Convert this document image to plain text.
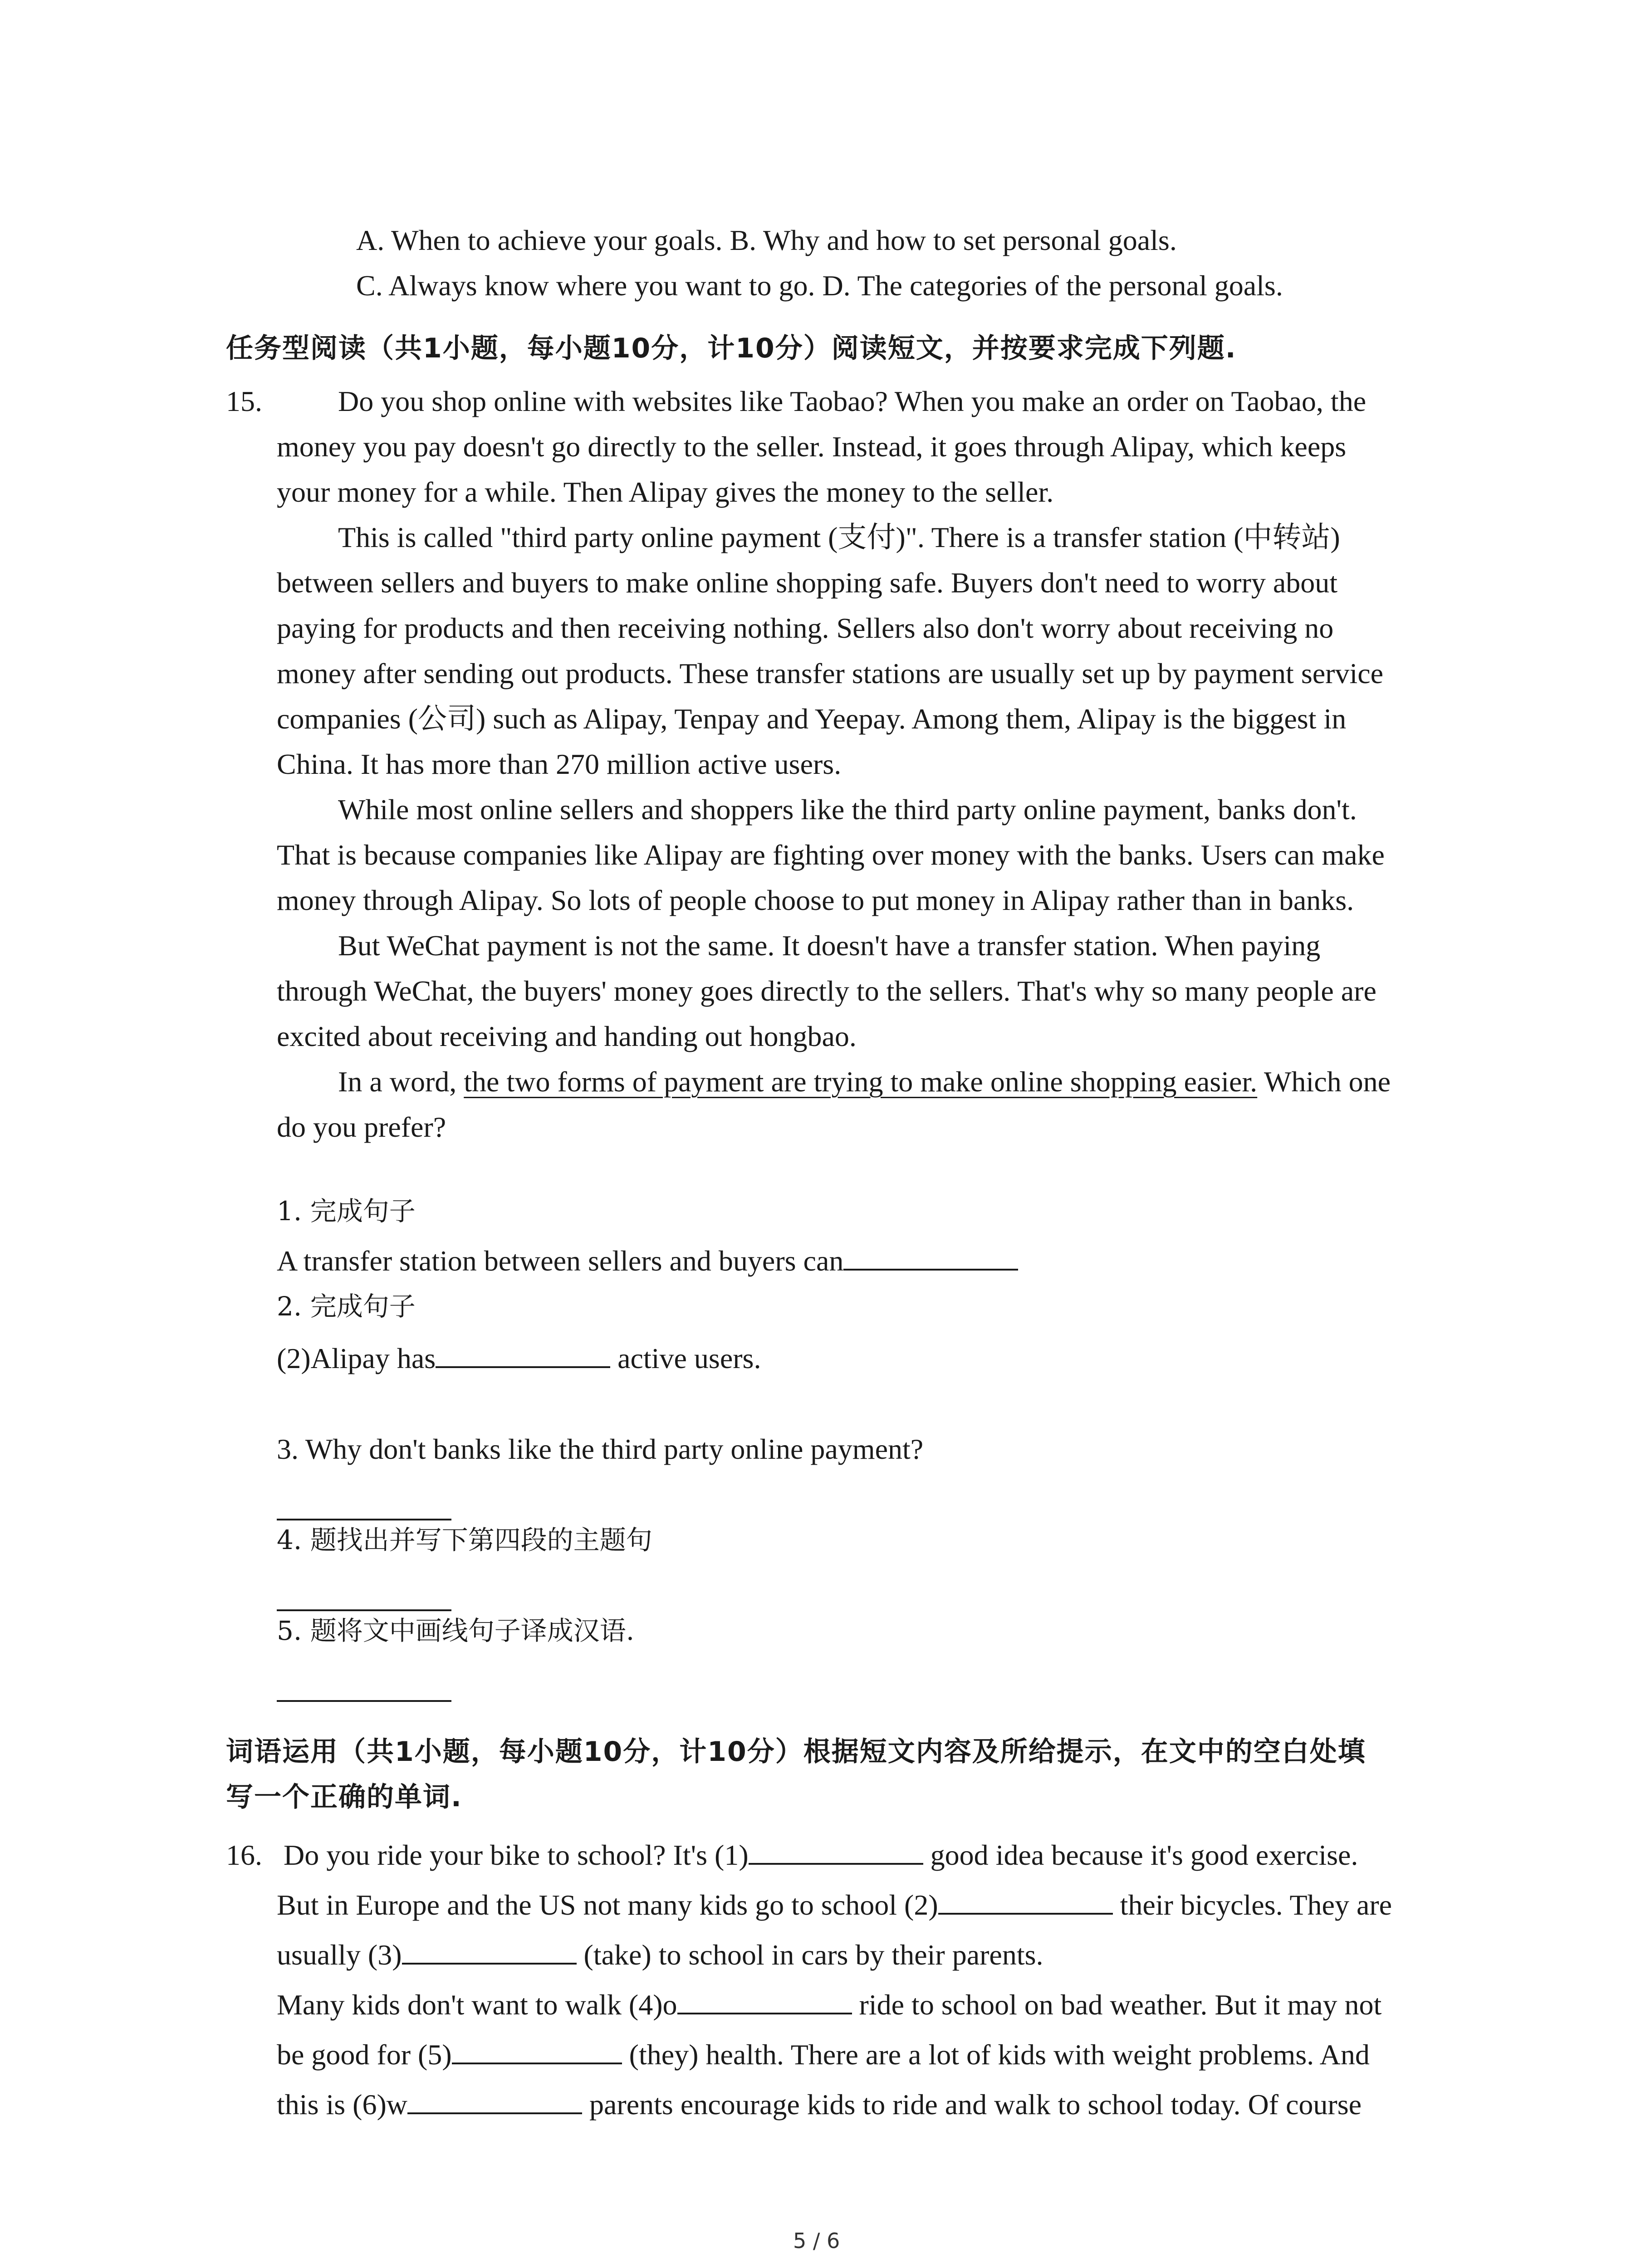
A. When to achieve your goals. B. Why and how to set personal goals.
C. Always know where you want to go. D. The categories of the personal goals.
任务型阅读（共1小题，每小题10分，计10分）阅读短文，并按要求完成下列题.
15.	Do you shop online with websites like Taobao? When you make an order on Taobao, the
money you pay doesn't go directly to the seller. Instead, it goes through Alipay, which keeps
your money for a while. Then Alipay gives the money to the seller.
This is called "third party online payment (支付)". There is a transfer station (中转站)
between sellers and buyers to make online shopping safe. Buyers don't need to worry about
paying for products and then receiving nothing. Sellers also don't worry about receiving no
money after sending out products. These transfer stations are usually set up by payment service
companies (公司) such as Alipay, Tenpay and Yeepay. Among them, Alipay is the biggest in
China. It has more than 270 million active users.
While most online sellers and shoppers like the third party online payment, banks don't.
That is because companies like Alipay are fighting over money with the banks. Users can make
money through Alipay. So lots of people choose to put money in Alipay rather than in banks.
But WeChat payment is not the same. It doesn't have a transfer station. When paying
through WeChat, the buyers' money goes directly to the sellers. That's why so many people are
excited about receiving and handing out hongbao.
In a word, the two forms of payment are trying to make online shopping easier. Which one
do you prefer?
1. 完成句子
A transfer station between sellers and buyers can
2. 完成句子
(2)Alipay has	active users.
3. Why don't banks like the third party online payment?
4. 题找出并写下第四段的主题句
5. 题将文中画线句子译成汉语.
词语运用（共1小题，每小题10分，计10分）根据短文内容及所给提示，在文中的空白处填
写一个正确的单词.
16. Do you ride your bike to school? It's (1)	good idea because it's good exercise.
But in Europe and the US not many kids go to school (2)	their bicycles. They are
usually (3)	(take) to school in cars by their parents.
Many kids don't want to walk (4)o	ride to school on bad weather. But it may not
be good for (5)	(they) health. There are a lot of kids with weight problems. And
this is (6)w	parents encourage kids to ride and walk to school today. Of course
5 / 6
